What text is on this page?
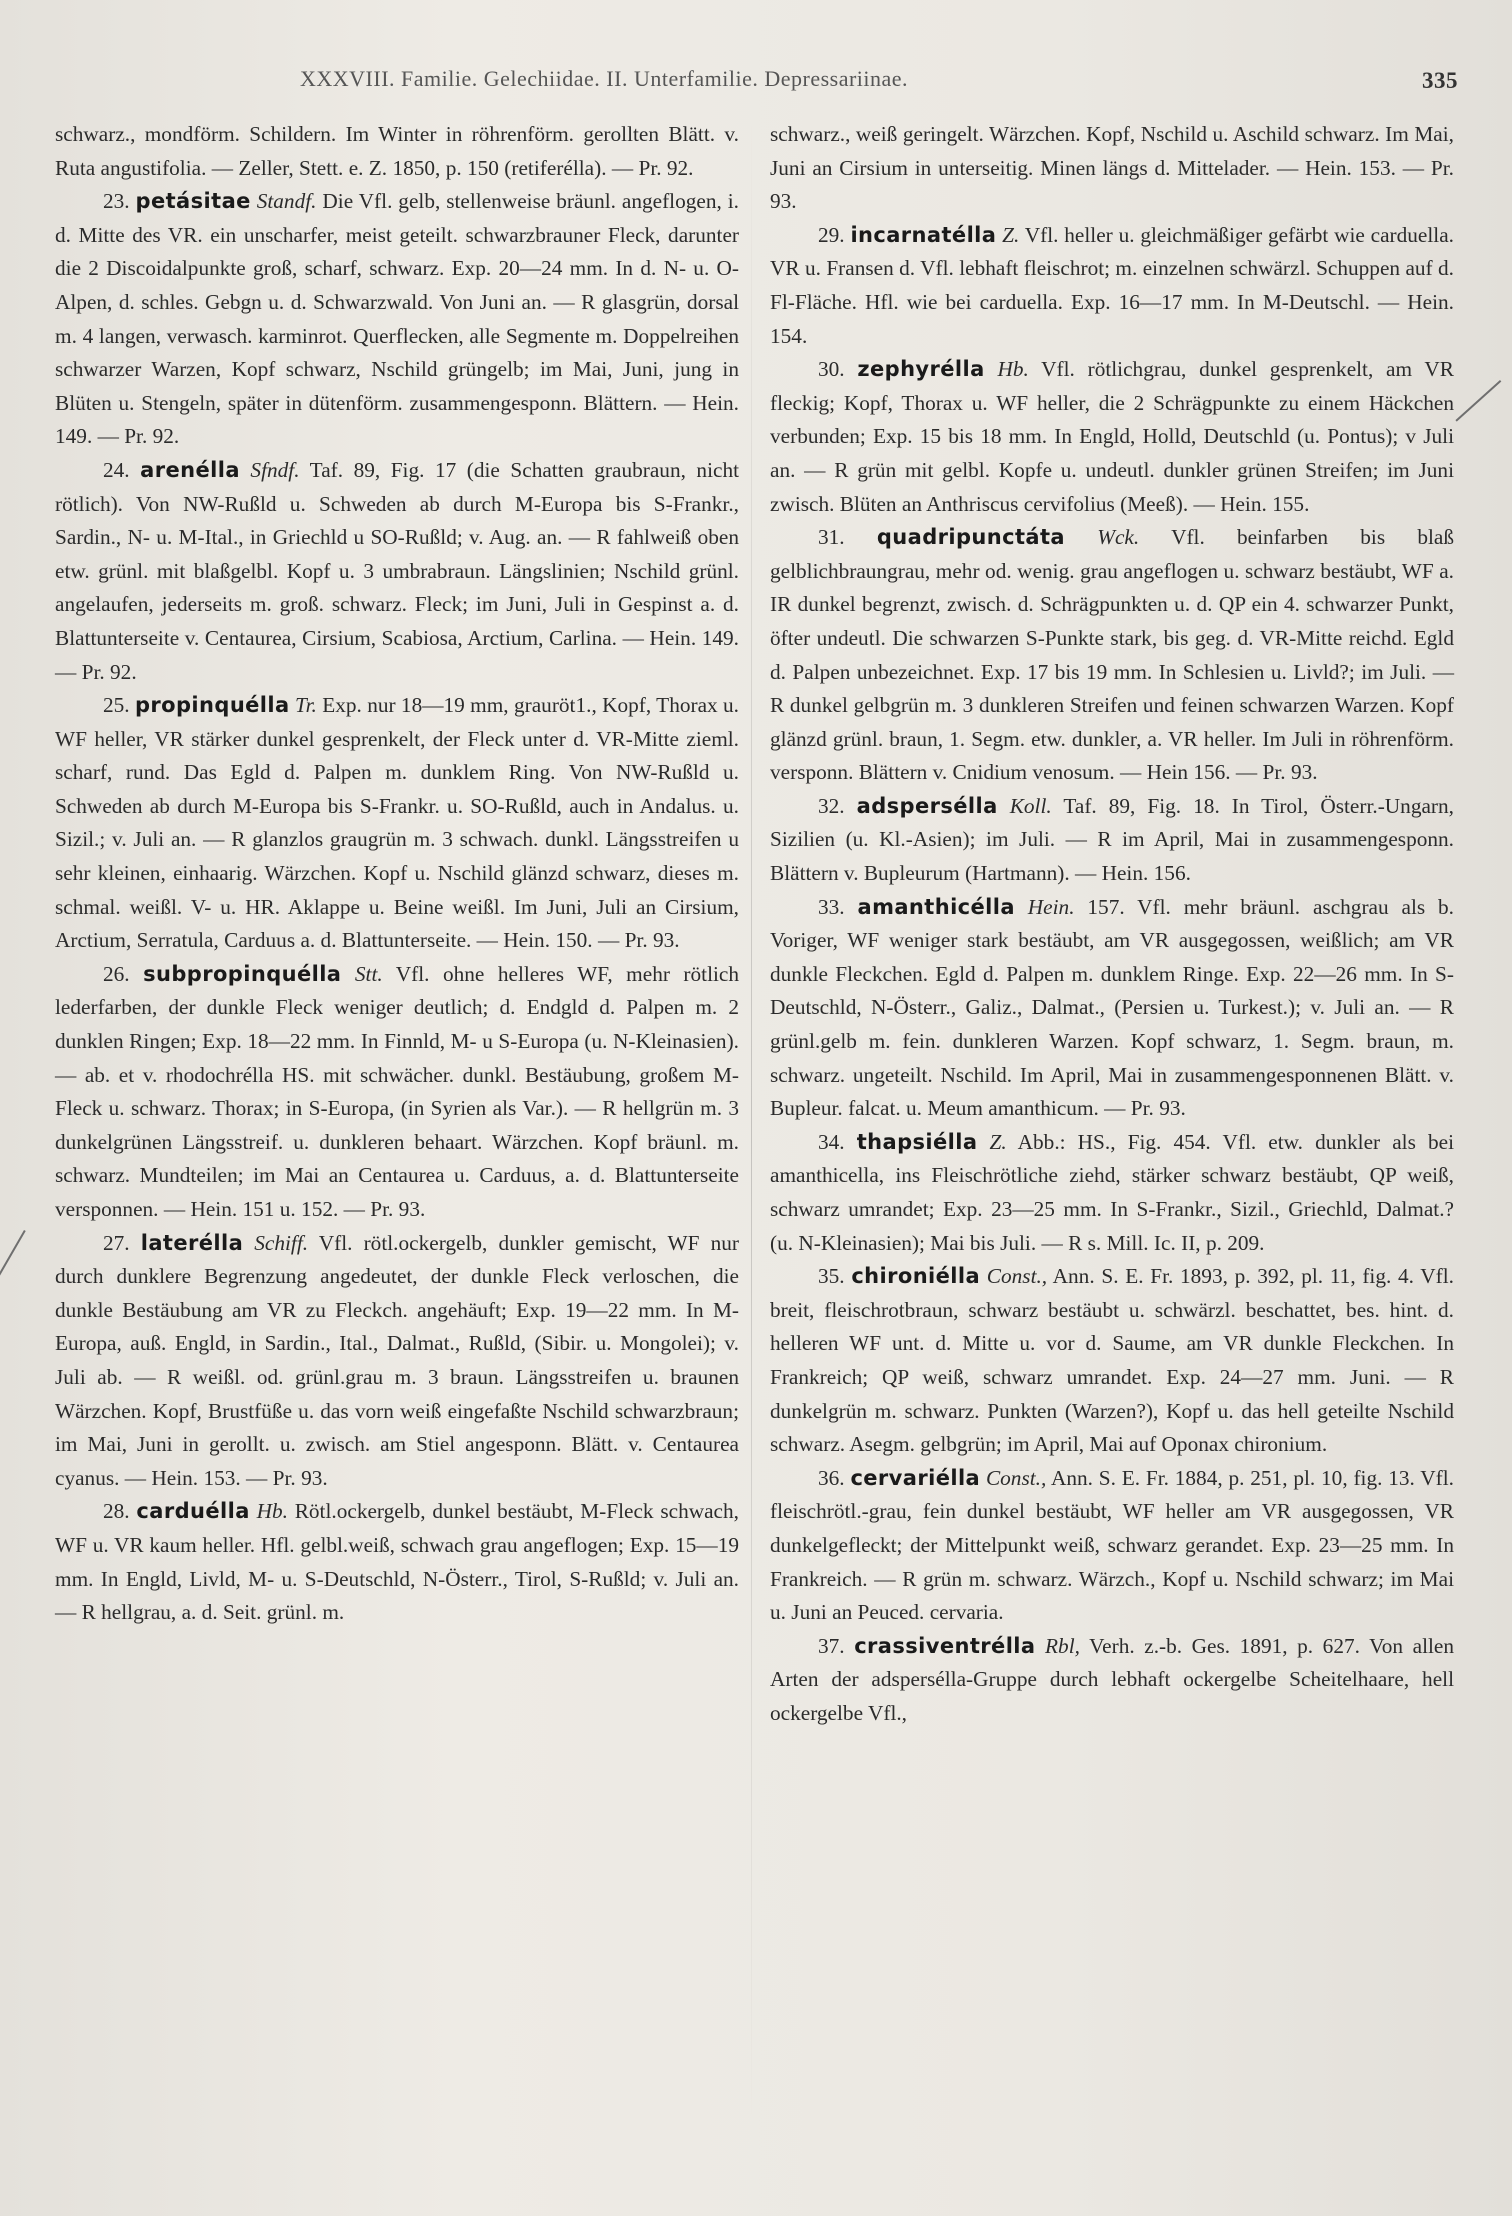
XXXVIII. Familie. Gelechiidae. II. Unterfamilie. Depressariinae.	335

schwarz., mondförm. Schildern. Im Winter in röhrenförm. gerollten Blätt. v. Ruta angustifolia. — Zeller, Stett. e. Z. 1850, p. 150 (retiferélla). — Pr. 92.

23. petásitae Standf. Die Vfl. gelb, stellenweise bräunl. angeflogen, i. d. Mitte des VR. ein unscharfer, meist geteilt. schwarzbrauner Fleck, darunter die 2 Discoidalpunkte groß, scharf, schwarz. Exp. 20—24 mm. In d. N- u. O-Alpen, d. schles. Gebgn u. d. Schwarzwald. Von Juni an. — R glasgrün, dorsal m. 4 langen, verwasch. karminrot. Querflecken, alle Segmente m. Doppelreihen schwarzer Warzen, Kopf schwarz, Nschild grüngelb; im Mai, Juni, jung in Blüten u. Stengeln, später in dütenförm. zusammengesponn. Blättern. — Hein. 149. — Pr. 92.

24. arenélla Sfndf. Taf. 89, Fig. 17 (die Schatten graubraun, nicht rötlich). Von NW-Rußld u. Schweden ab durch M-Europa bis S-Frankr., Sardin., N- u. M-Ital., in Griechld u SO-Rußld; v. Aug. an. — R fahlweiß oben etw. grünl. mit blaßgelbl. Kopf u. 3 umbrabraun. Längslinien; Nschild grünl. angelaufen, jederseits m. groß. schwarz. Fleck; im Juni, Juli in Gespinst a. d. Blattunterseite v. Centaurea, Cirsium, Scabiosa, Arctium, Carlina. — Hein. 149. — Pr. 92.

25. propinquélla Tr. Exp. nur 18—19 mm, grauröt1., Kopf, Thorax u. WF heller, VR stärker dunkel gesprenkelt, der Fleck unter d. VR-Mitte zieml. scharf, rund. Das Egld d. Palpen m. dunklem Ring. Von NW-Rußld u. Schweden ab durch M-Europa bis S-Frankr. u. SO-Rußld, auch in Andalus. u. Sizil.; v. Juli an. — R glanzlos graugrün m. 3 schwach. dunkl. Längsstreifen u sehr kleinen, einhaarig. Wärzchen. Kopf u. Nschild glänzd schwarz, dieses m. schmal. weißl. V- u. HR. Aklappe u. Beine weißl. Im Juni, Juli an Cirsium, Arctium, Serratula, Carduus a. d. Blattunterseite. — Hein. 150. — Pr. 93.

26. subpropinquélla Stt. Vfl. ohne helleres WF, mehr rötlich lederfarben, der dunkle Fleck weniger deutlich; d. Endgld d. Palpen m. 2 dunklen Ringen; Exp. 18—22 mm. In Finnld, M- u S-Europa (u. N-Kleinasien). — ab. et v. rhodochrélla HS. mit schwächer. dunkl. Bestäubung, großem M-Fleck u. schwarz. Thorax; in S-Europa, (in Syrien als Var.). — R hellgrün m. 3 dunkelgrünen Längsstreif. u. dunkleren behaart. Wärzchen. Kopf bräunl. m. schwarz. Mundteilen; im Mai an Centaurea u. Carduus, a. d. Blattunterseite versponnen. — Hein. 151 u. 152. — Pr. 93.

27. laterélla Schiff. Vfl. rötl.ockergelb, dunkler gemischt, WF nur durch dunklere Begrenzung angedeutet, der dunkle Fleck verloschen, die dunkle Bestäubung am VR zu Fleckch. angehäuft; Exp. 19—22 mm. In M-Europa, auß. Engld, in Sardin., Ital., Dalmat., Rußld, (Sibir. u. Mongolei); v. Juli ab. — R weißl. od. grünl.grau m. 3 braun. Längsstreifen u. braunen Wärzchen. Kopf, Brustfüße u. das vorn weiß eingefaßte Nschild schwarzbraun; im Mai, Juni in gerollt. u. zwisch. am Stiel angesponn. Blätt. v. Centaurea cyanus. — Hein. 153. — Pr. 93.

28. carduélla Hb. Rötl.ockergelb, dunkel bestäubt, M-Fleck schwach, WF u. VR kaum heller. Hfl. gelbl.weiß, schwach grau angeflogen; Exp. 15—19 mm. In Engld, Livld, M- u. S-Deutschld, N-Österr., Tirol, S-Rußld; v. Juli an. — R hellgrau, a. d. Seit. grünl. m.

schwarz., weiß geringelt. Wärzchen. Kopf, Nschild u. Aschild schwarz. Im Mai, Juni an Cirsium in unterseitig. Minen längs d. Mittelader. — Hein. 153. — Pr. 93.

29. incarnatélla Z. Vfl. heller u. gleichmäßiger gefärbt wie carduella. VR u. Fransen d. Vfl. lebhaft fleischrot; m. einzelnen schwärzl. Schuppen auf d. Fl-Fläche. Hfl. wie bei carduella. Exp. 16—17 mm. In M-Deutschl. — Hein. 154.

30. zephyrélla Hb. Vfl. rötlichgrau, dunkel gesprenkelt, am VR fleckig; Kopf, Thorax u. WF heller, die 2 Schrägpunkte zu einem Häckchen verbunden; Exp. 15 bis 18 mm. In Engld, Holld, Deutschld (u. Pontus); v Juli an. — R grün mit gelbl. Kopfe u. undeutl. dunkler grünen Streifen; im Juni zwisch. Blüten an Anthriscus cervifolius (Meeß). — Hein. 155.

31. quadripunctáta Wck. Vfl. beinfarben bis blaß gelblichbraungrau, mehr od. wenig. grau angeflogen u. schwarz bestäubt, WF a. IR dunkel begrenzt, zwisch. d. Schrägpunkten u. d. QP ein 4. schwarzer Punkt, öfter undeutl. Die schwarzen S-Punkte stark, bis geg. d. VR-Mitte reichd. Egld d. Palpen unbezeichnet. Exp. 17 bis 19 mm. In Schlesien u. Livld?; im Juli. — R dunkel gelbgrün m. 3 dunkleren Streifen und feinen schwarzen Warzen. Kopf glänzd grünl. braun, 1. Segm. etw. dunkler, a. VR heller. Im Juli in röhrenförm. versponn. Blättern v. Cnidium venosum. — Hein 156. — Pr. 93.

32. adspersélla Koll. Taf. 89, Fig. 18. In Tirol, Österr.-Ungarn, Sizilien (u. Kl.-Asien); im Juli. — R im April, Mai in zusammengesponn. Blättern v. Bupleurum (Hartmann). — Hein. 156.

33. amanthicélla Hein. 157. Vfl. mehr bräunl. aschgrau als b. Voriger, WF weniger stark bestäubt, am VR ausgegossen, weißlich; am VR dunkle Fleckchen. Egld d. Palpen m. dunklem Ringe. Exp. 22—26 mm. In S-Deutschld, N-Österr., Galiz., Dalmat., (Persien u. Turkest.); v. Juli an. — R grünl.gelb m. fein. dunkleren Warzen. Kopf schwarz, 1. Segm. braun, m. schwarz. ungeteilt. Nschild. Im April, Mai in zusammengesponnenen Blätt. v. Bupleur. falcat. u. Meum amanthicum. — Pr. 93.

34. thapsiélla Z. Abb.: HS., Fig. 454. Vfl. etw. dunkler als bei amanthicella, ins Fleischrötliche ziehd, stärker schwarz bestäubt, QP weiß, schwarz umrandet; Exp. 23—25 mm. In S-Frankr., Sizil., Griechld, Dalmat.? (u. N-Kleinasien); Mai bis Juli. — R s. Mill. Ic. II, p. 209.

35. chironiélla Const., Ann. S. E. Fr. 1893, p. 392, pl. 11, fig. 4. Vfl. breit, fleischrotbraun, schwarz bestäubt u. schwärzl. beschattet, bes. hint. d. helleren WF unt. d. Mitte u. vor d. Saume, am VR dunkle Fleckchen. In Frankreich; QP weiß, schwarz umrandet. Exp. 24—27 mm. Juni. — R dunkelgrün m. schwarz. Punkten (Warzen?), Kopf u. das hell geteilte Nschild schwarz. Asegm. gelbgrün; im April, Mai auf Oponax chironium.

36. cervariélla Const., Ann. S. E. Fr. 1884, p. 251, pl. 10, fig. 13. Vfl. fleischrötl.-grau, fein dunkel bestäubt, WF heller am VR ausgegossen, VR dunkelgefleckt; der Mittelpunkt weiß, schwarz gerandet. Exp. 23—25 mm. In Frankreich. — R grün m. schwarz. Wärzch., Kopf u. Nschild schwarz; im Mai u. Juni an Peuced. cervaria.

37. crassiventrélla Rbl, Verh. z.-b. Ges. 1891, p. 627. Von allen Arten der adspersélla-Gruppe durch lebhaft ockergelbe Scheitelhaare, hell ockergelbe Vfl.,
